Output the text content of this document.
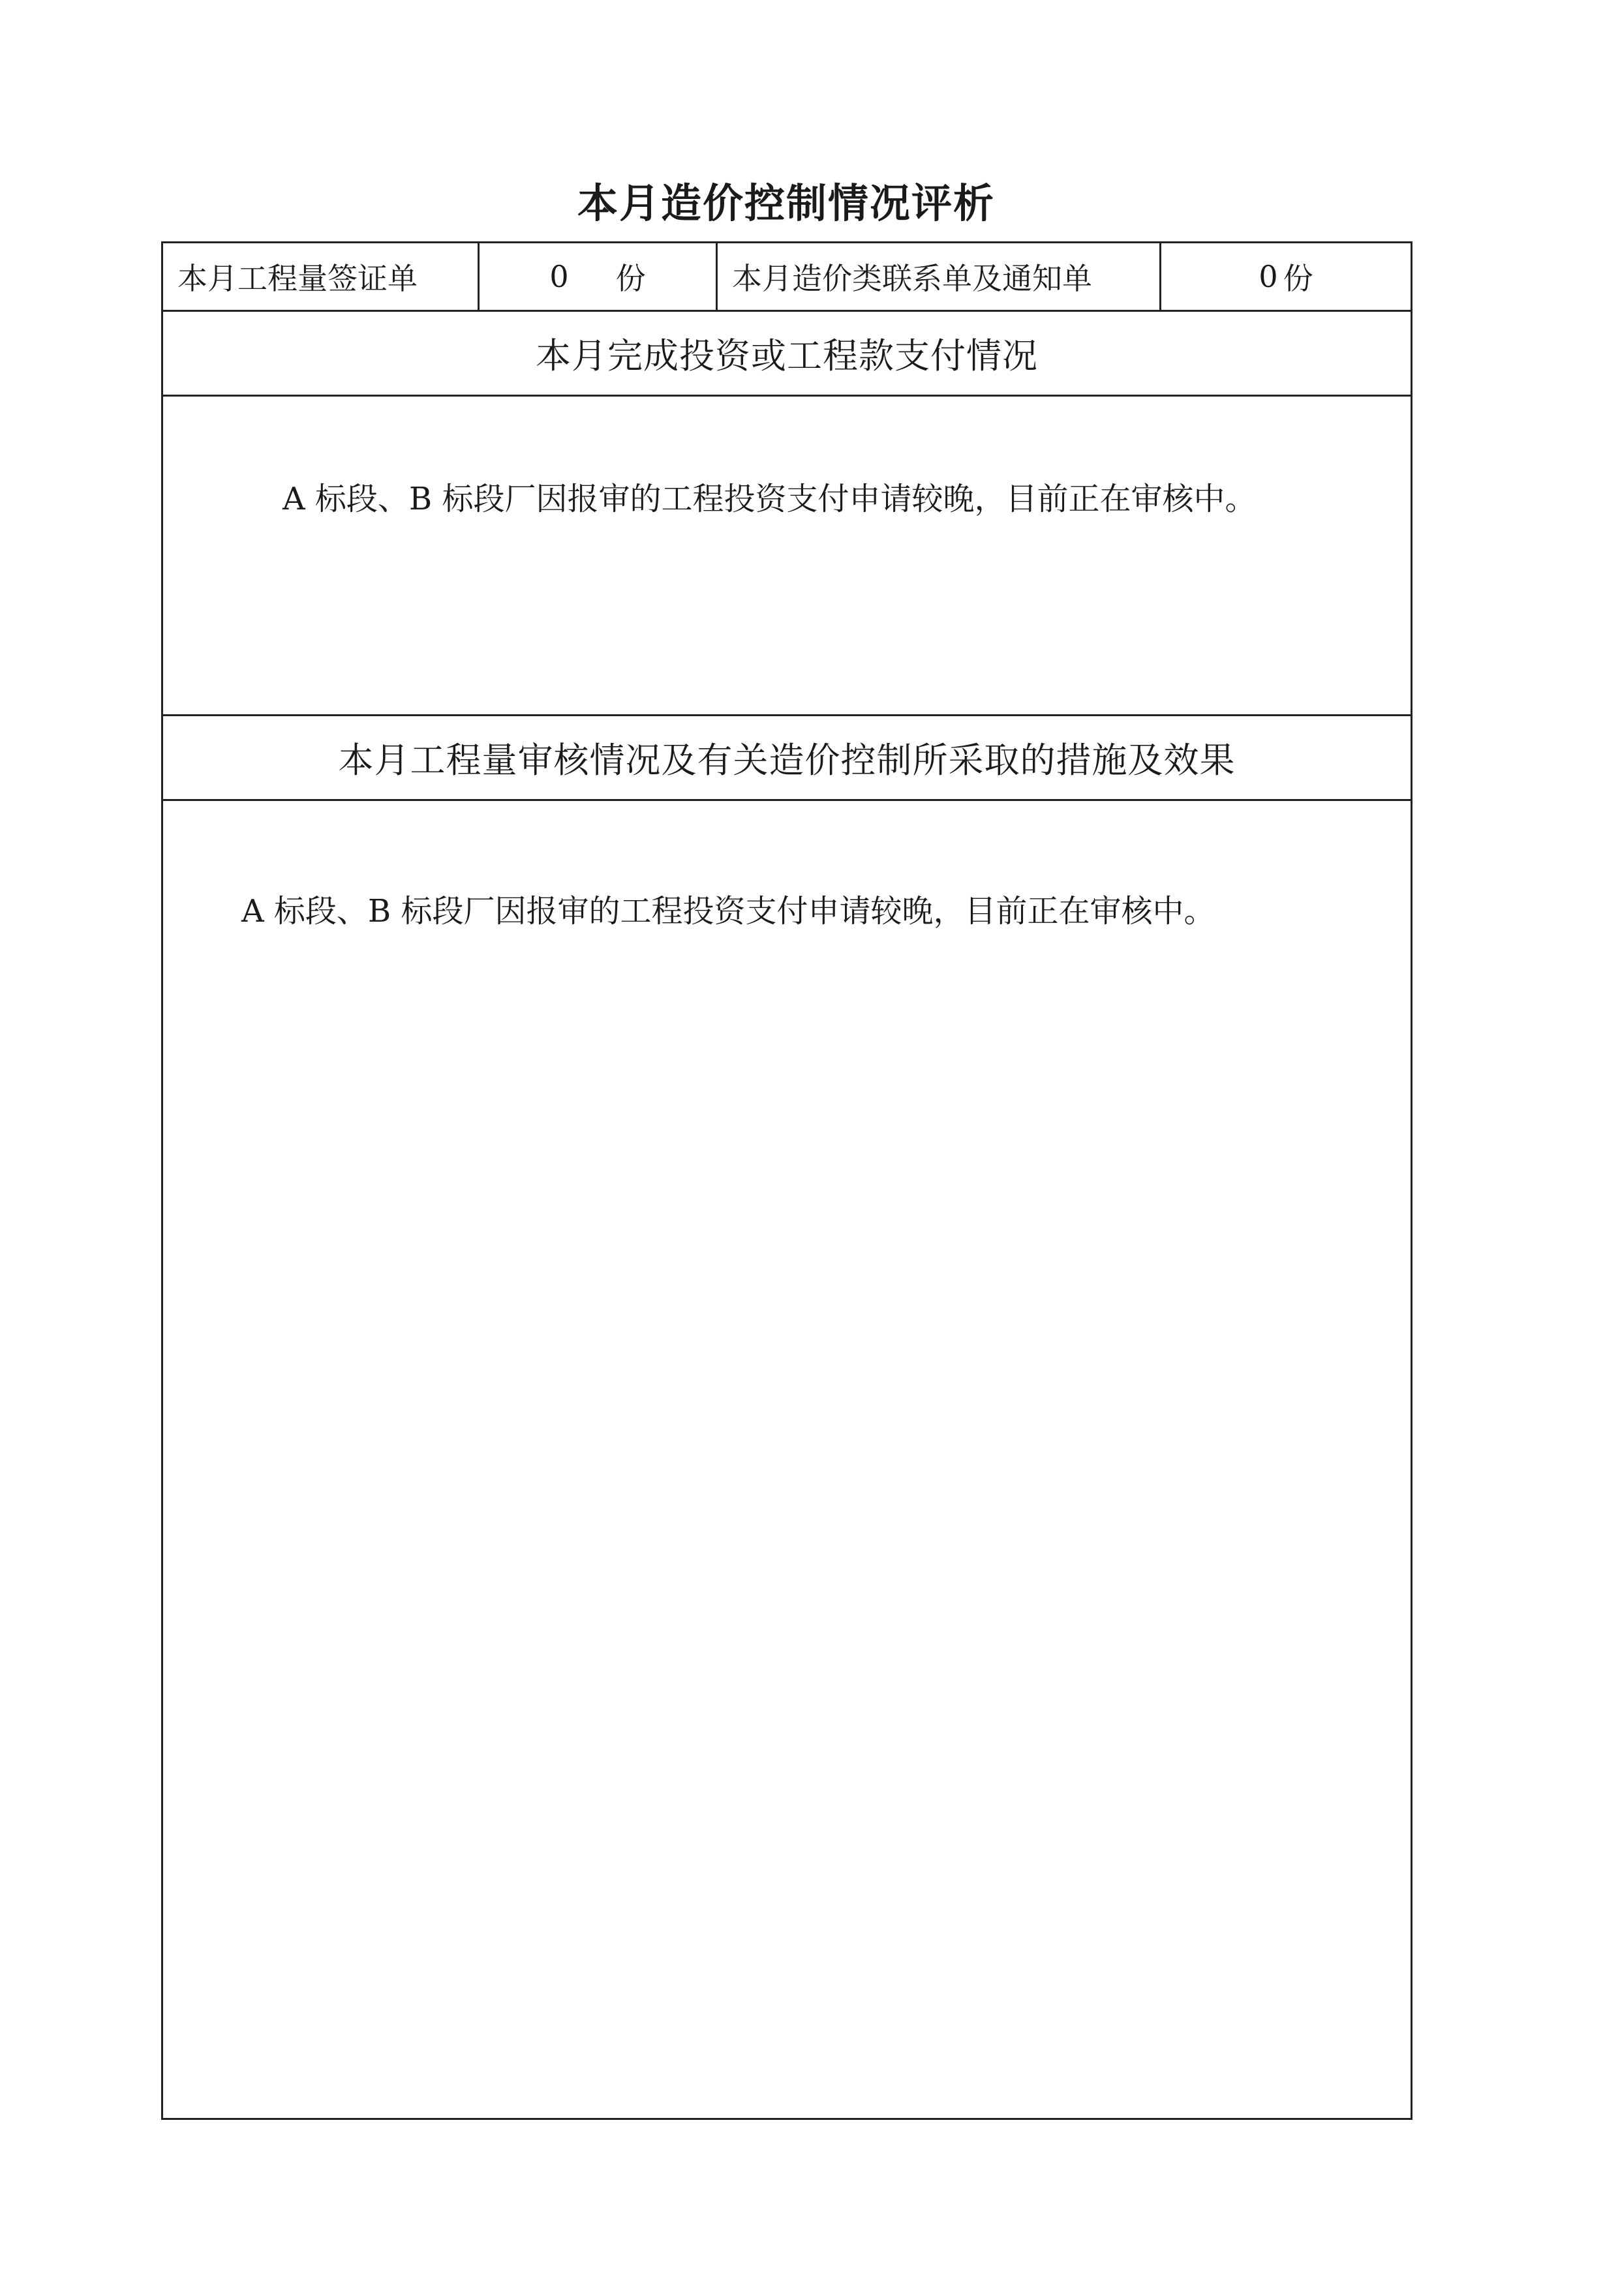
本月造价控制情况评析
本月工程量签证单	0 份	本月造价类联系单及通知单	0 份
本月完成投资或工程款支付情况
A 标段、B 标段厂因报审的工程投资支付申请较晚，目前正在审核中。
本月工程量审核情况及有关造价控制所采取的措施及效果
A 标段、B 标段厂因报审的工程投资支付申请较晚，目前正在审核中。
